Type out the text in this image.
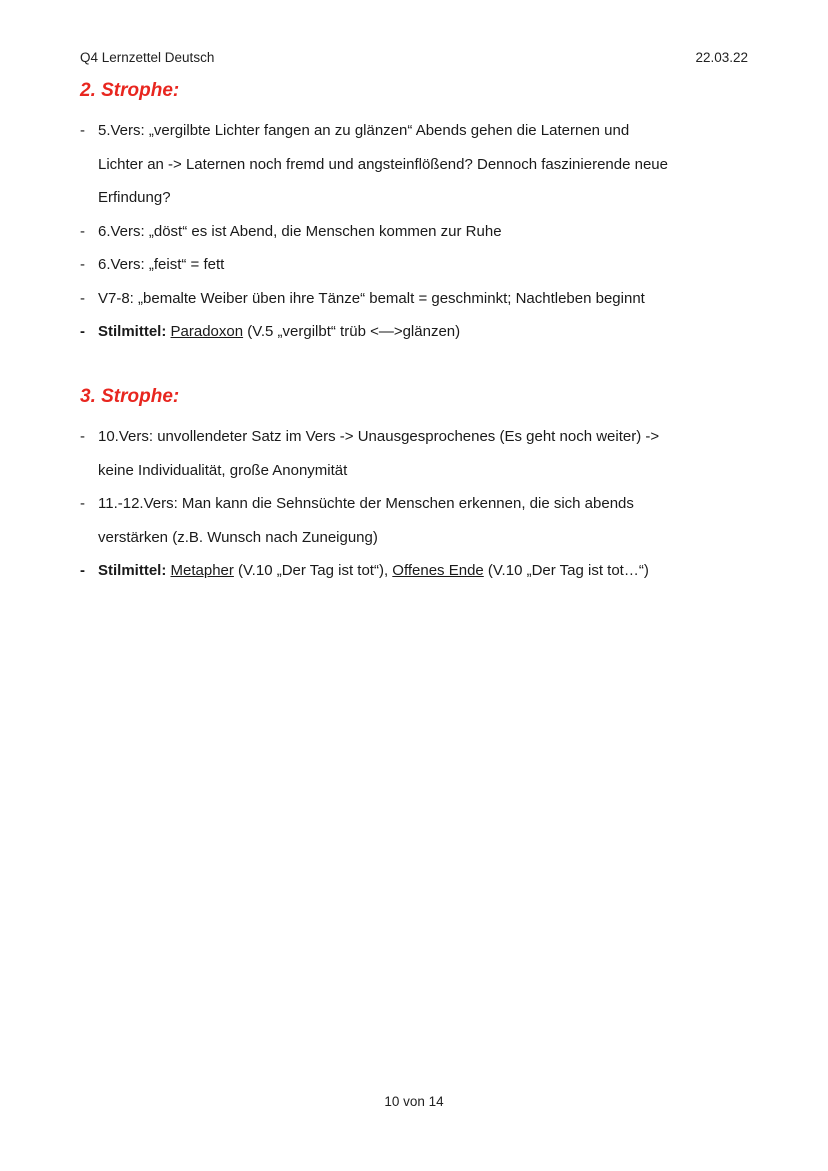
Q4 Lernzettel Deutsch	22.03.22
2. Strophe:
- 5.Vers: „vergilbte Lichter fangen an zu glänzen“ Abends gehen die Laternen und
Lichter an -> Laternen noch fremd und angsteinflößend? Dennoch faszinierende neue
Erfindung?
- 6.Vers: „döst“ es ist Abend, die Menschen kommen zur Ruhe
- 6.Vers: „feist“ = fett
- V7-8: „bemalte Weiber üben ihre Tänze“ bemalt = geschminkt; Nachtleben beginnt
- Stilmittel: Paradoxon (V.5 „vergilbt“ trüb <—>glänzen)
3. Strophe:
- 10.Vers: unvollendeter Satz im Vers -> Unausgesprochenes (Es geht noch weiter) ->
keine Individualität, große Anonymität
- 11.-12.Vers: Man kann die Sehnsüchte der Menschen erkennen, die sich abends
verstärken (z.B. Wunsch nach Zuneigung)
- Stilmittel: Metapher (V.10 „Der Tag ist tot“), Offenes Ende (V.10 „Der Tag ist tot…“)
10 von 14
